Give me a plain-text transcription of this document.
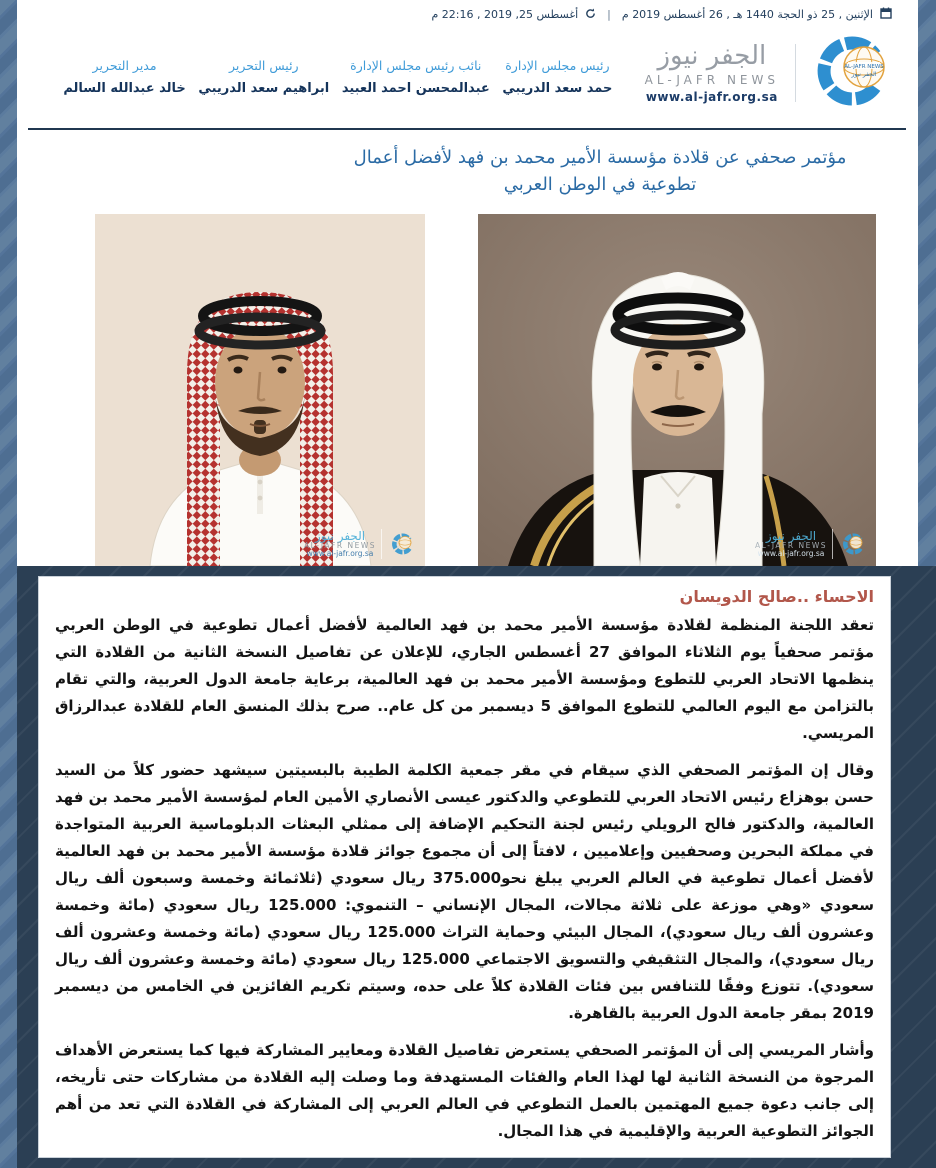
الإثنين , 25 ذو الحجة 1440 هـ , 26 أغسطس 2019 م
|
أغسطس 25, 2019 , 22:16 م
AL-JAFR NEWS
الجفر نيوز
الجفر نيوز
AL-JAFR NEWS
www.al-jafr.org.sa
رئيس مجلس الإدارة
حمد سعد الدريبي
نائب رئيس مجلس الإدارة
عبدالمحسن احمد العبيد
رئيس التحرير
ابراهيم سعد الدريبي
مدير التحرير
خالد عبدالله السالم
مؤتمر صحفي عن قلادة مؤسسة الأمير محمد بن فهد لأفضل أعمال تطوعية في الوطن العربي
الجفر نيوز
AL-JAFR NEWS
www.al-jafr.org.sa
الجفر نيوز
AL-JAFR NEWS
www.al-jafr.org.sa
الاحساء ..صالح الدويسان

تعقد اللجنة المنظمة لقلادة مؤسسة الأمير محمد بن فهد العالمية لأفضل أعمال تطوعية في الوطن العربي مؤتمر صحفياً يوم الثلاثاء الموافق 27 أغسطس الجاري، للإعلان عن تفاصيل النسخة الثانية من القلادة التي ينظمها الاتحاد العربي للتطوع ومؤسسة الأمير محمد بن فهد العالمية، برعاية جامعة الدول العربية، والتي تقام بالتزامن مع اليوم العالمي للتطوع الموافق 5 ديسمبر من كل عام.. صرح بذلك المنسق العام للقلادة عبدالرزاق المريسي.

وقال إن المؤتمر الصحفي الذي سيقام في مقر جمعية الكلمة الطيبة بالبسيتين سيشهد حضور كلاً من السيد حسن بوهزاع رئيس الاتحاد العربي للتطوعي والدكتور عيسى الأنصاري الأمين العام لمؤسسة الأمير محمد بن فهد العالمية، والدكتور فالح الرويلي رئيس لجنة التحكيم الإضافة إلى ممثلي البعثات الدبلوماسية العربية المتواجدة في مملكة البحرين وصحفيين وإعلاميين ، لافتاً إلى أن مجموع جوائز قلادة مؤسسة الأمير محمد بن فهد العالمية لأفضل أعمال تطوعية في العالم العربي يبلغ نحو375.000 ريال سعودي (ثلاثمائة وخمسة وسبعون ألف ريال سعودي «وهي موزعة على ثلاثة مجالات، المجال الإنساني – التنموي: 125.000 ريال سعودي (مائة وخمسة وعشرون ألف ريال سعودي)، المجال البيئي وحماية التراث 125.000 ريال سعودي (مائة وخمسة وعشرون ألف ريال سعودي)، والمجال التثقيفي والتسويق الاجتماعي 125.000 ريال سعودي (مائة وخمسة وعشرون ألف ريال سعودي). تتوزع وفقًا للتنافس بين فئات القلادة كلاً على حده، وسيتم تكريم الفائزين في الخامس من ديسمبر 2019 بمقر جامعة الدول العربية بالقاهرة.

وأشار المريسي إلى أن المؤتمر الصحفي يستعرض تفاصيل القلادة ومعايير المشاركة فيها كما يستعرض الأهداف المرجوة من النسخة الثانية لها لهذا العام والفئات المستهدفة وما وصلت إليه القلادة من مشاركات حتى تأريخه، إلى جانب دعوة جميع المهتمين بالعمل التطوعي في العالم العربي إلى المشاركة في القلادة التي تعد من أهم الجوائز التطوعية العربية والإقليمية في هذا المجال.
